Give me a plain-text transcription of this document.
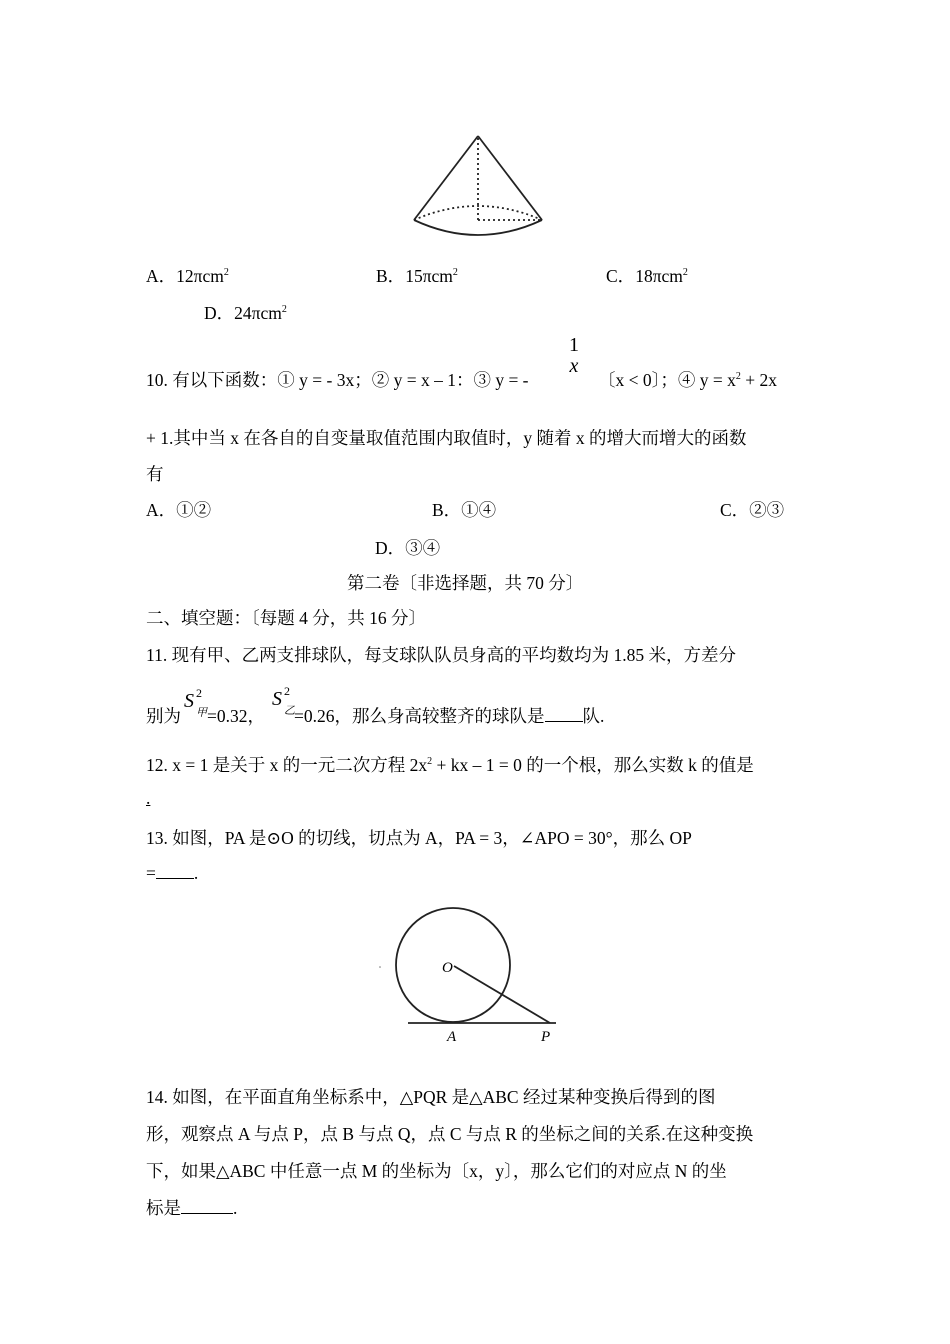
A．12πcm$^2$	B．15πcm$^2$	C．18πcm$^2$
D．24πcm$^2$
10. 有以下函数：① y = - 3x；② y = x – 1：③ y = -
1
x
〔x < 0〕；④ $y = x^2 + 2x$
+ 1.其中当 x 在各自的自变量取值范围内取值时，y 随着 x 的增大而增大的函数
有
A．①②	B．①④	C．②③
D．③④
第二卷〔非选择题，共 70 分〕
二、填空题：〔每题 4 分，共 16 分〕
11. 现有甲、乙两支排球队，每支球队队员身高的平均数均为 1.85 米，方差分
别为
S 2
甲 =0.32，
S 2
乙 =0.26，那么身高较整齐的球队是 队.
12. x = 1 是关于 x 的一元二次方程 $2x^2$ + kx – 1 = 0 的一个根，那么实数 k 的值是
.
13. 如图，PA 是⊙O 的切线，切点为 A，PA = 3，∠APO = 30°，那么 OP
= .
O
A	P
14. 如图，在平面直角坐标系中，△PQR 是△ABC 经过某种变换后得到的图
形，观察点 A 与点 P，点 B 与点 Q，点 C 与点 R 的坐标之间的关系.在这种变换
下，如果△ABC 中任意一点 M 的坐标为〔x，y〕，那么它们的对应点 N 的坐
标是	.
